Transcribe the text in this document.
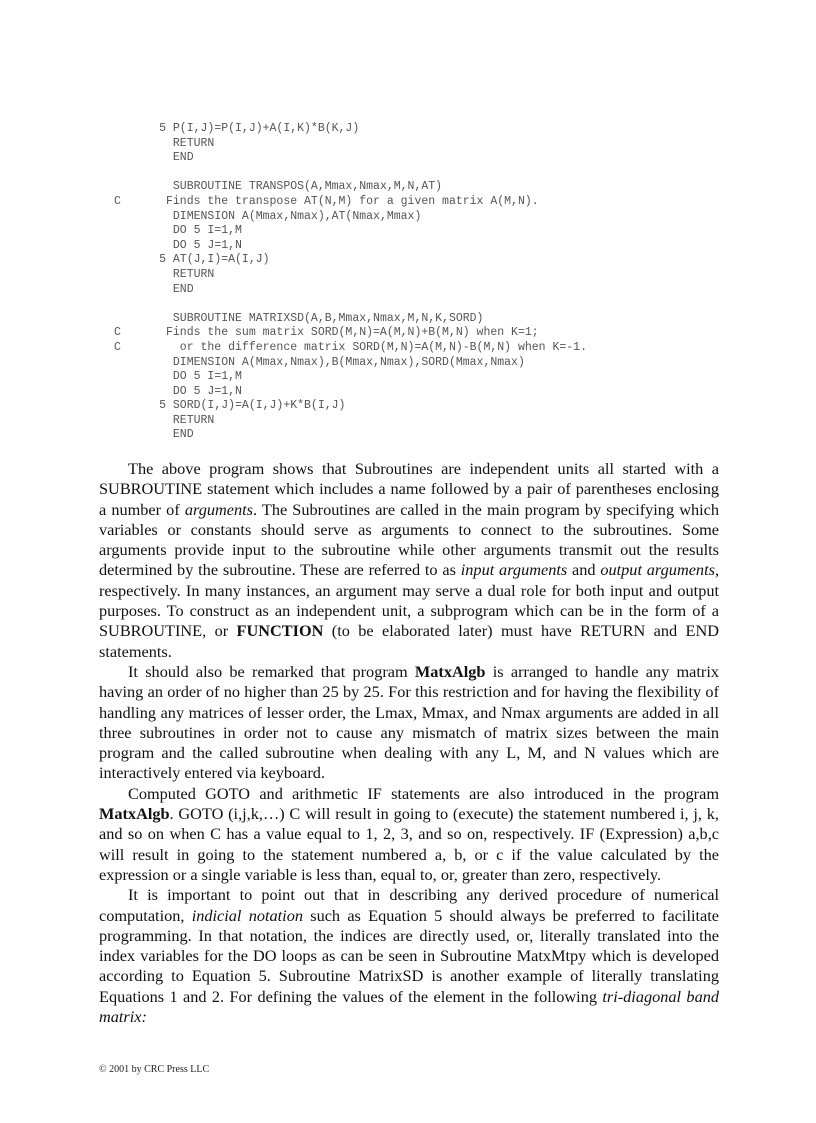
5 P(I,J)=P(I,J)+A(I,K)*B(K,J)
RETURN
END

SUBROUTINE TRANSPOS(A,Mmax,Nmax,M,N,AT)
C	Finds the transpose AT(N,M) for a given matrix A(M,N).
DIMENSION A(Mmax,Nmax),AT(Nmax,Mmax)
DO 5 I=1,M
DO 5 J=1,N
5 AT(J,I)=A(I,J)
RETURN
END

SUBROUTINE MATRIXSD(A,B,Mmax,Nmax,M,N,K,SORD)
C	Finds the sum matrix SORD(M,N)=A(M,N)+B(M,N) when K=1;
C	or the difference matrix SORD(M,N)=A(M,N)-B(M,N) when K=-1.
DIMENSION A(Mmax,Nmax),B(Mmax,Nmax),SORD(Mmax,Nmax)
DO 5 I=1,M
DO 5 J=1,N
5 SORD(I,J)=A(I,J)+K*B(I,J)
RETURN
END

The above program shows that Subroutines are independent units all started with a SUBROUTINE statement which includes a name followed by a pair of parentheses enclosing a number of arguments. The Subroutines are called in the main program by specifying which variables or constants should serve as arguments to connect to the subroutines. Some arguments provide input to the subroutine while other arguments transmit out the results determined by the subroutine. These are referred to as input arguments and output arguments, respectively. In many instances, an argument may serve a dual role for both input and output purposes. To construct as an independent unit, a subprogram which can be in the form of a SUBROUTINE, or FUNCTION (to be elaborated later) must have RETURN and END statements.

It should also be remarked that program MatxAlgb is arranged to handle any matrix having an order of no higher than 25 by 25. For this restriction and for having the flexibility of handling any matrices of lesser order, the Lmax, Mmax, and Nmax arguments are added in all three subroutines in order not to cause any mismatch of matrix sizes between the main program and the called subroutine when dealing with any L, M, and N values which are interactively entered via keyboard.

Computed GOTO and arithmetic IF statements are also introduced in the program MatxAlgb. GOTO (i,j,k,…) C will result in going to (execute) the statement numbered i, j, k, and so on when C has a value equal to 1, 2, 3, and so on, respectively. IF (Expression) a,b,c will result in going to the statement numbered a, b, or c if the value calculated by the expression or a single variable is less than, equal to, or, greater than zero, respectively.

It is important to point out that in describing any derived procedure of numerical computation, indicial notation such as Equation 5 should always be preferred to facilitate programming. In that notation, the indices are directly used, or, literally translated into the index variables for the DO loops as can be seen in Subroutine MatxMtpy which is developed according to Equation 5. Subroutine MatrixSD is another example of literally translating Equations 1 and 2. For defining the values of the element in the following tri-diagonal band matrix:

© 2001 by CRC Press LLC
